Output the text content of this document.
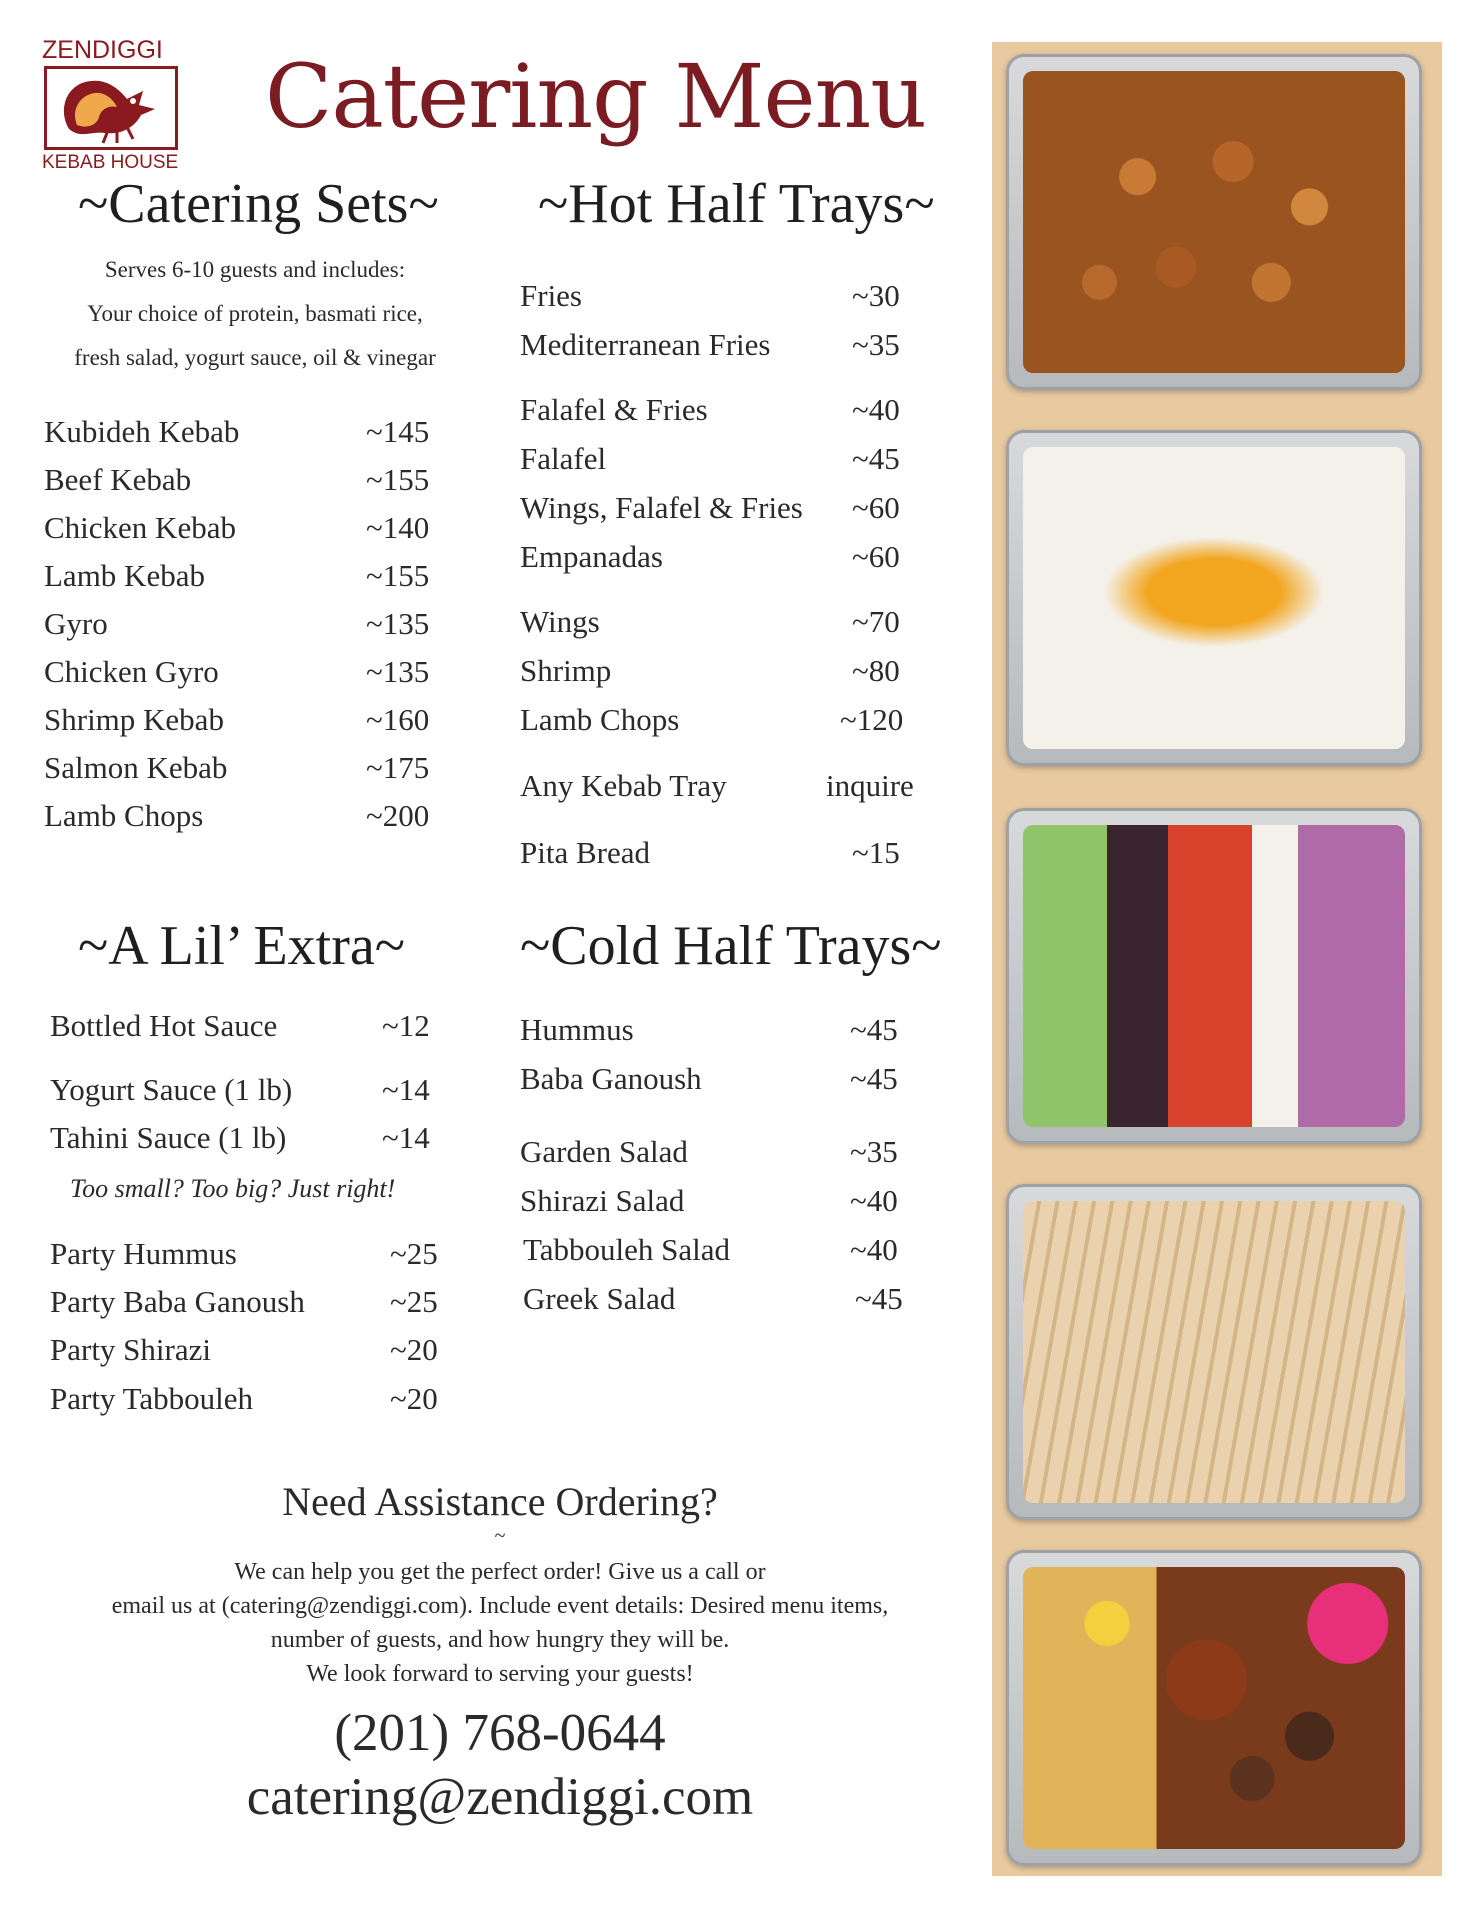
ZENDIGGI
KEBAB HOUSE
Catering Menu
~Catering Sets~
Serves 6-10 guests and includes:
Your choice of protein, basmati rice,
fresh salad, yogurt sauce, oil & vinegar
Kubideh Kebab	~145
Beef Kebab	~155
Chicken Kebab	~140
Lamb Kebab	~155
Gyro	~135
Chicken Gyro	~135
Shrimp Kebab	~160
Salmon Kebab	~175
Lamb Chops	~200
~Hot Half Trays~
Fries	~30
Mediterranean Fries	~35
Falafel & Fries	~40
Falafel	~45
Wings, Falafel & Fries ~60
Empanadas	~60
Wings	~70
Shrimp	~80
Lamb Chops	~120
Any Kebab Tray	inquire
Pita Bread	~15
~A Lil’ Extra~
Bottled Hot Sauce	~12
Yogurt Sauce (1 lb)	~14
Tahini Sauce (1 lb)	~14
Too small? Too big? Just right!
Party Hummus	~25
Party Baba Ganoush	~25
Party Shirazi	~20
Party Tabbouleh	~20
~Cold Half Trays~
Hummus	~45
Baba Ganoush	~45
Garden Salad	~35
Shirazi Salad	~40
Tabbouleh Salad	~40
Greek Salad	~45
Need Assistance Ordering?
~
We can help you get the perfect order! Give us a call or
email us at (catering@zendiggi.com). Include event details: Desired menu items,
number of guests, and how hungry they will be.
We look forward to serving your guests!
(201) 768-0644
catering@zendiggi.com
